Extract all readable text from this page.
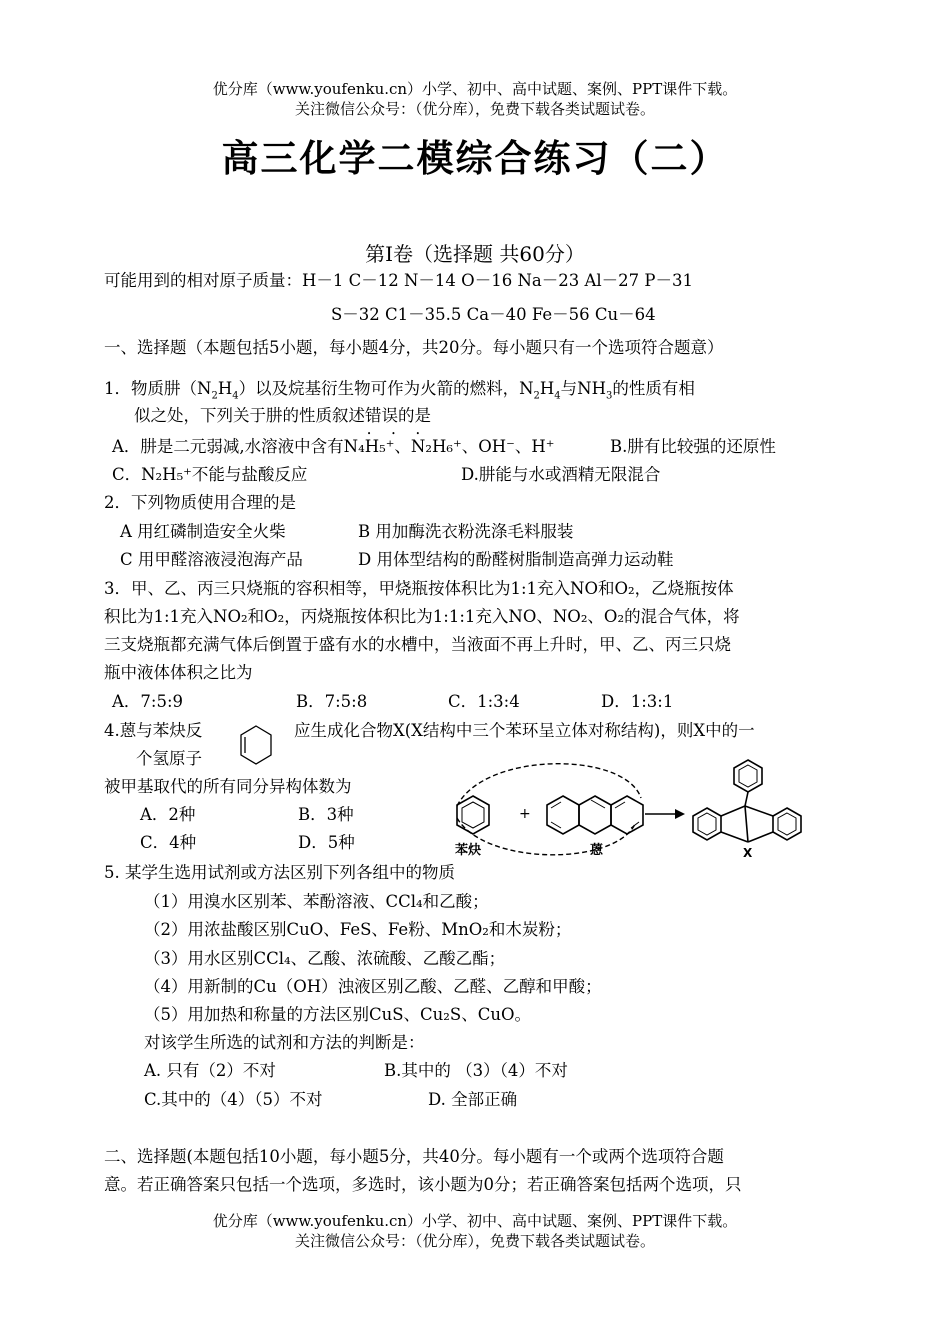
优分库（www.youfenku.cn）小学、初中、高中试题、案例、PPT课件下载。
关注微信公众号：（优分库），免费下载各类试题试卷。
高三化学二模综合练习（二）
第Ⅰ卷（选择题 共60分）
可能用到的相对原子质量：H－1 C－12 N－14 O－16 Na－23 Al－27 P－31
S－32 C1－35.5 Ca－40 Fe－56 Cu－64
一、选择题（本题包括5小题，每小题4分，共20分。每小题只有一个选项符合题意）
1．物质肼$(N_2H_4)$以及烷基衍生物可作为火箭的燃料，$N_2H_4$与$NH_3$的性质有相
似之处，下列关于肼的性质叙述错误的 • • •是
A．肼是二元弱减,水溶液中含有N₄H₅⁺、N₂H₆⁺、OH⁻、H⁺	B.肼有比较强的还原性
C．N₂H₅⁺不能与盐酸反应	D.肼能与水或酒精无限混合
2．下列物质使用合理的是
A 用红磷制造安全火柴	B 用加酶洗衣粉洗涤毛料服装
C 用甲醛溶液浸泡海产品	D 用体型结构的酚醛树脂制造高弹力运动鞋
3．甲、乙、丙三只烧瓶的容积相等，甲烧瓶按体积比为1:1充入NO和O₂，乙烧瓶按体
积比为1:1充入NO₂和O₂，丙烧瓶按体积比为1:1:1充入NO、NO₂、O₂的混合气体，将
三支烧瓶都充满气体后倒置于盛有水的水槽中，当液面不再上升时，甲、乙、丙三只烧
瓶中液体体积之比为
A．7:5:9	B．7:5:8	C．1:3:4	D．1:3:1
4.蒽与苯炔反	应生成化合物X(X结构中三个苯环呈立体对称结构)，则X中的一
个氢原子
被甲基取代的所有同分异构体数为
A．2种	B．3种
C．4种	D．5种
+
苯炔	蒽	X
5. 某学生选用试剂或方法区别下列各组中的物质
（1）用溴水区别苯、苯酚溶液、CCl₄和乙酸；
（2）用浓盐酸区别CuO、FeS、Fe粉、MnO₂和木炭粉；
（3）用水区别CCl₄、乙酸、浓硫酸、乙酸乙酯；
（4）用新制的Cu（OH）浊液区别乙酸、乙醛、乙醇和甲酸；
（5）用加热和称量的方法区别CuS、Cu₂S、CuO。
对该学生所选的试剂和方法的判断是：
A. 只有（2）不对	B.其中的 （3）（4）不对
C.其中的（4）（5）不对	D. 全部正确
二、选择题(本题包括10小题，每小题5分，共40分。每小题有一个或两个选项符合题
意。若正确答案只包括一个选项，多选时，该小题为0分；若正确答案包括两个选项，只
优分库（www.youfenku.cn）小学、初中、高中试题、案例、PPT课件下载。
关注微信公众号：（优分库），免费下载各类试题试卷。
